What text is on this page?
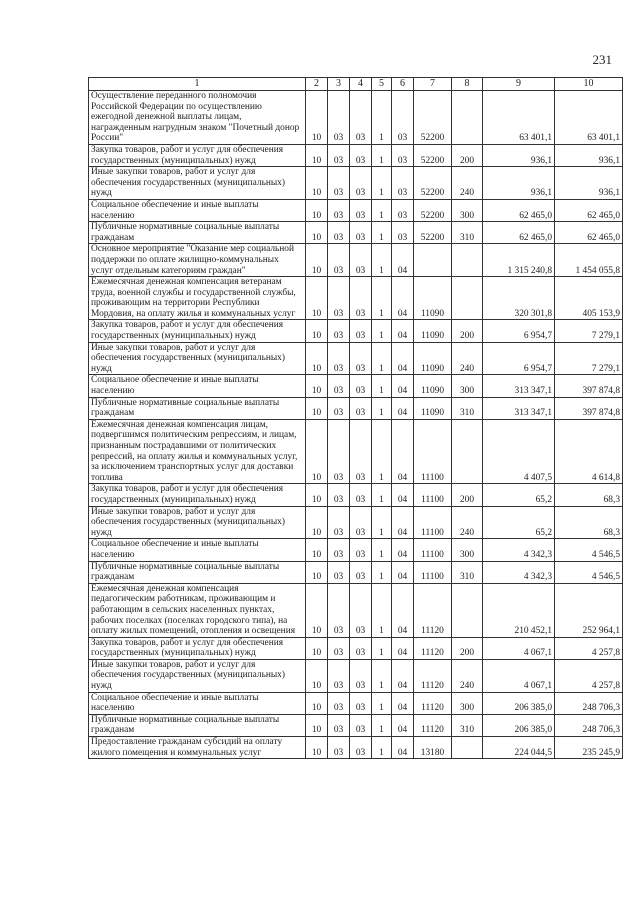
231
1	2	3	4	5	6	7	8	9	10
Осуществление переданного полномочия Российской Федерации по осуществлению ежегодной денежной выплаты лицам, награжденным нагрудным знаком "Почетный донор России"	10	03	03	1	03	52200		63 401,1	63 401,1
Закупка товаров, работ и услуг для обеспечения государственных (муниципальных) нужд	10	03	03	1	03	52200	200	936,1	936,1
Иные закупки товаров, работ и услуг для обеспечения государственных (муниципальных) нужд	10	03	03	1	03	52200	240	936,1	936,1
Социальное обеспечение и иные выплаты населению	10	03	03	1	03	52200	300	62 465,0	62 465,0
Публичные нормативные социальные выплаты гражданам	10	03	03	1	03	52200	310	62 465,0	62 465,0
Основное мероприятие "Оказание мер социальной поддержки по оплате жилищно-коммунальных услуг отдельным категориям граждан"	10	03	03	1	04			1 315 240,8	1 454 055,8
Ежемесячная денежная компенсация ветеранам труда, военной службы и государственной службы, проживающим на территории Республики Мордовия, на оплату жилья и коммунальных услуг	10	03	03	1	04	11090		320 301,8	405 153,9
Закупка товаров, работ и услуг для обеспечения государственных (муниципальных) нужд	10	03	03	1	04	11090	200	6 954,7	7 279,1
Иные закупки товаров, работ и услуг для обеспечения государственных (муниципальных) нужд	10	03	03	1	04	11090	240	6 954,7	7 279,1
Социальное обеспечение и иные выплаты населению	10	03	03	1	04	11090	300	313 347,1	397 874,8
Публичные нормативные социальные выплаты гражданам	10	03	03	1	04	11090	310	313 347,1	397 874,8
Ежемесячная денежная компенсация лицам, подвергшимся политическим репрессиям, и лицам, признанным пострадавшими от политических репрессий, на оплату жилья и коммунальных услуг, за исключением транспортных услуг для доставки топлива	10	03	03	1	04	11100		4 407,5	4 614,8
Закупка товаров, работ и услуг для обеспечения государственных (муниципальных) нужд	10	03	03	1	04	11100	200	65,2	68,3
Иные закупки товаров, работ и услуг для обеспечения государственных (муниципальных) нужд	10	03	03	1	04	11100	240	65,2	68,3
Социальное обеспечение и иные выплаты населению	10	03	03	1	04	11100	300	4 342,3	4 546,5
Публичные нормативные социальные выплаты гражданам	10	03	03	1	04	11100	310	4 342,3	4 546,5
Ежемесячная денежная компенсация педагогическим работникам, проживающим и работающим в сельских населенных пунктах, рабочих поселках (поселках городского типа), на оплату жилых помещений, отопления и освещения	10	03	03	1	04	11120		210 452,1	252 964,1
Закупка товаров, работ и услуг для обеспечения государственных (муниципальных) нужд	10	03	03	1	04	11120	200	4 067,1	4 257,8
Иные закупки товаров, работ и услуг для обеспечения государственных (муниципальных) нужд	10	03	03	1	04	11120	240	4 067,1	4 257,8
Социальное обеспечение и иные выплаты населению	10	03	03	1	04	11120	300	206 385,0	248 706,3
Публичные нормативные социальные выплаты гражданам	10	03	03	1	04	11120	310	206 385,0	248 706,3
Предоставление гражданам субсидий на оплату жилого помещения и коммунальных услуг	10	03	03	1	04	13180		224 044,5	235 245,9
